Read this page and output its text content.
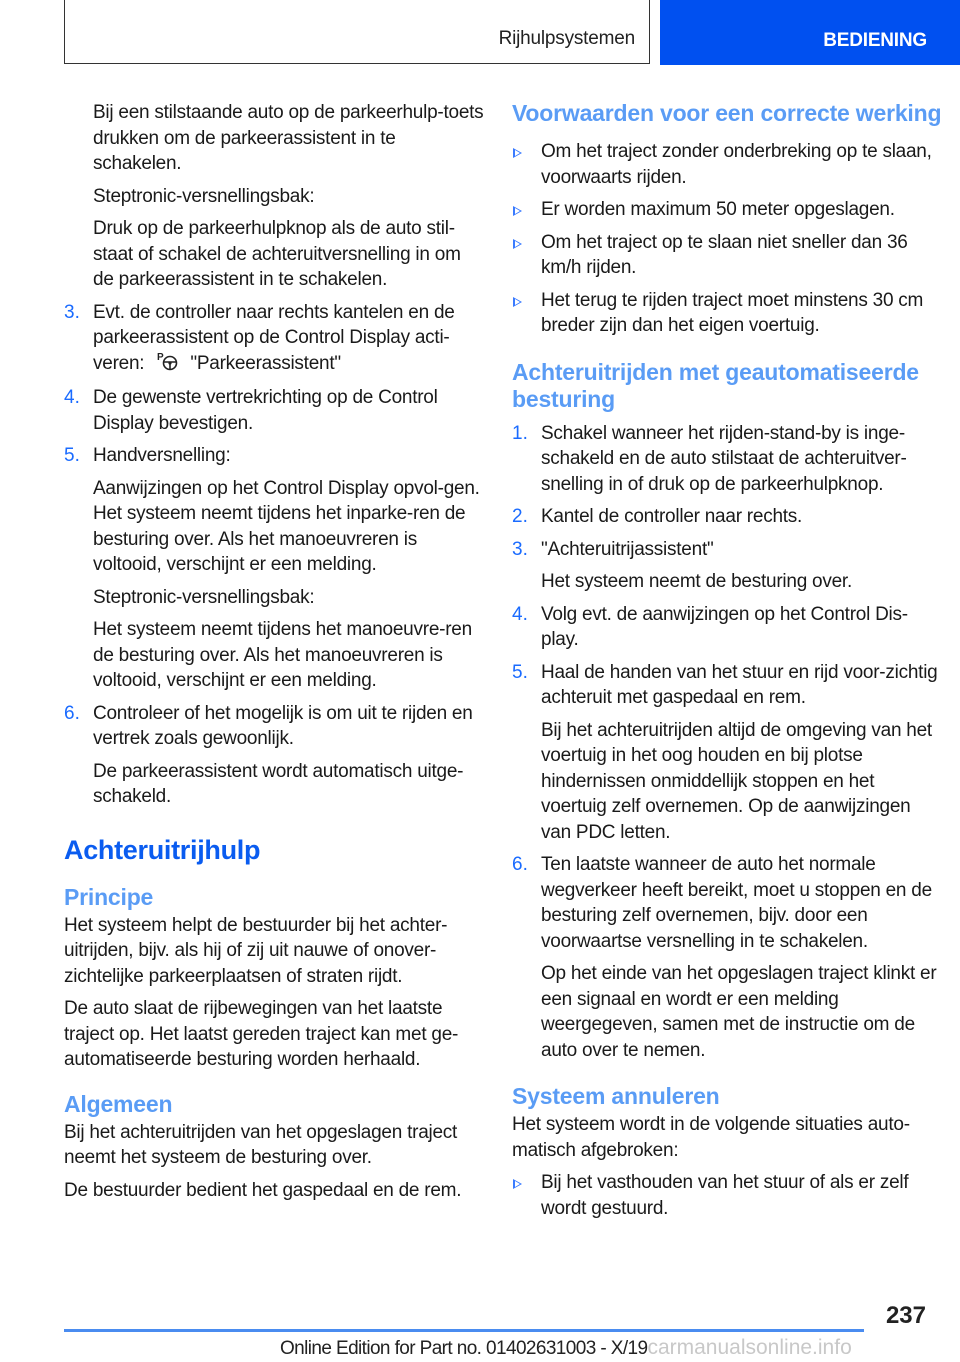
Rijhulpsystemen	BEDIENING

Bij een stilstaande auto op de parkeerhulp-toets drukken om de parkeerassistent in te schakelen.

Steptronic-versnellingsbak:

Druk op de parkeerhulpknop als de auto stil-staat of schakel de achteruitversnelling in om de parkeerassistent in te schakelen.

3. Evt. de controller naar rechts kantelen en de parkeerassistent op de Control Display acti-veren: P "Parkeerassistent"
4. De gewenste vertrekrichting op de Control Display bevestigen.
5. Handversnelling:

Aanwijzingen op het Control Display opvol-gen. Het systeem neemt tijdens het inparke-ren de besturing over. Als het manoeuvreren is voltooid, verschijnt er een melding.

Steptronic-versnellingsbak:

Het systeem neemt tijdens het manoeuvre-ren de besturing over. Als het manoeuvreren is voltooid, verschijnt er een melding.

6. Controleer of het mogelijk is om uit te rijden en vertrek zoals gewoonlijk.

De parkeerassistent wordt automatisch uitge-schakeld.

Achteruitrijhulp
Principe

Het systeem helpt de bestuurder bij het achter-uitrijden, bijv. als hij of zij uit nauwe of onover-zichtelijke parkeerplaatsen of straten rijdt.

De auto slaat de rijbewegingen van het laatste traject op. Het laatst gereden traject kan met ge-automatiseerde besturing worden herhaald.

Algemeen

Bij het achteruitrijden van het opgeslagen traject neemt het systeem de besturing over.

De bestuurder bedient het gaspedaal en de rem.

Voorwaarden voor een correcte werking
Om het traject zonder onderbreking op te slaan, voorwaarts rijden.
Er worden maximum 50 meter opgeslagen.
Om het traject op te slaan niet sneller dan 36 km/h rijden.
Het terug te rijden traject moet minstens 30 cm breder zijn dan het eigen voertuig.
Achteruitrijden met geautomatiseerde besturing
1. Schakel wanneer het rijden-stand-by is inge-schakeld en de auto stilstaat de achteruitver-snelling in of druk op de parkeerhulpknop.
2. Kantel de controller naar rechts.
3. "Achteruitrijassistent"

Het systeem neemt de besturing over.

4. Volg evt. de aanwijzingen op het Control Dis-play.
5. Haal de handen van het stuur en rijd voor-zichtig achteruit met gaspedaal en rem.

Bij het achteruitrijden altijd de omgeving van het voertuig in het oog houden en bij plotse hindernissen onmiddellijk stoppen en het voertuig zelf overnemen. Op de aanwijzingen van PDC letten.

6. Ten laatste wanneer de auto het normale wegverkeer heeft bereikt, moet u stoppen en de besturing zelf overnemen, bijv. door een voorwaartse versnelling in te schakelen.

Op het einde van het opgeslagen traject klinkt er een signaal en wordt er een melding weergegeven, samen met de instructie om de auto over te nemen.

Systeem annuleren

Het systeem wordt in de volgende situaties auto-matisch afgebroken:

Bij het vasthouden van het stuur of als er zelf wordt gestuurd.
237
Online Edition for Part no. 01402631003 - X/19carmanualsonline.info
